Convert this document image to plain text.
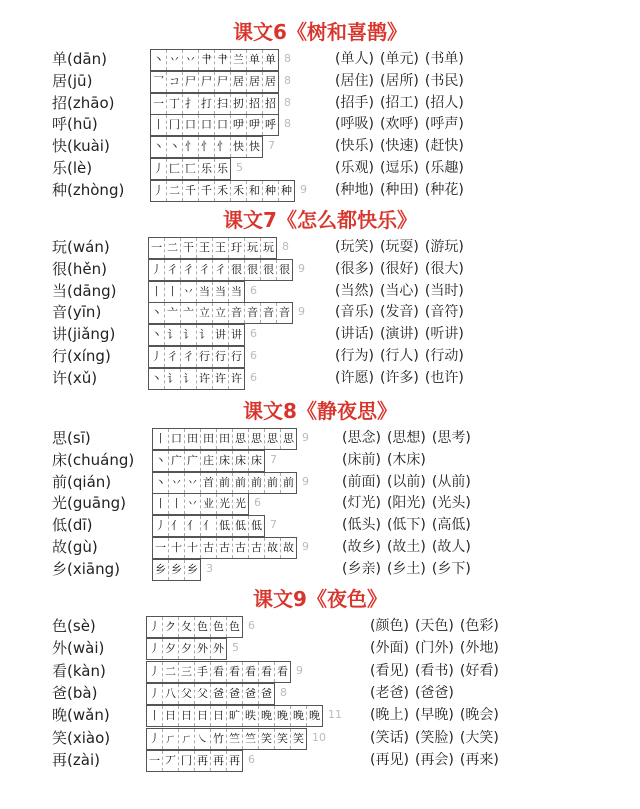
课文6《树和喜鹊》
单(dān)	丶 丷 丷 肀 肀 兰 单 单 8	(单人) (单元) (书单)
居(jū)	乛 コ 尸 尸 尸 居 居 居 8	(居住) (居所) (书民)
招(zhāo)	一 丁 扌 打 扫 扨 招 招 8	(招手) (招工) (招人)
呼(hū)	丨 冂 口 口 口 吚 吚 呼 8	(呼吸) (欢呼) (呼声)
快(kuài)	丶 丶 忄 忄 忄 快 快 7	(快乐) (快速) (赶快)
乐(lè)	丿 匚 匸 乐 乐 5	(乐观) (逗乐) (乐趣)
种(zhòng)	丿 二 千 千 禾 禾 和 种 种 9 (种地) (种田) (种花)
课文7《怎么都快乐》
玩(wán)	一 二 干 王 王 玗 玩 玩 8	(玩笑) (玩耍) (游玩)
很(hěn)	丿 彳 彳 彳 彳 很 很 很 很 9 (很多) (很好) (很大)
当(dāng)	丨 丨 丷 当 当 当 6	(当然) (当心) (当时)
音(yīn)	丶 亠 亠 立 立 音 音 音 音 9 (音乐) (发音) (音符)
讲(jiǎng)	丶 讠 讠 讠 讲 讲 6	(讲话) (演讲) (听讲)
行(xíng)	丿 彳 彳 行 行 行 6	(行为) (行人) (行动)
许(xǔ)	丶 讠 讠 许 许 许 6	(许愿) (许多) (也许)
课文8《静夜思》
思(sī)	丨 口 田 田 田 思 思 思 思 9 (思念) (思想) (思考)
床(chuáng) 丶 广 广 庄 床 床 床 7	(床前) (木床)
前(qián)	丶 丷 丷 首 前 前 前 前 前 9 (前面) (以前) (从前)
光(guāng)	丨 丨 丷 业 光 光 6	(灯光) (阳光) (光头)
低(dī)	丿 亻 亻 亻 低 低 低 7	(低头) (低下) (高低)
故(gù)	一 十 十 古 古 古 古 故 故 9 (故乡) (故土) (故人)
乡(xiāng)	乡 乡 乡 3	(乡亲) (乡土) (乡下)
课文9《夜色》
色(sè)	丿 ク 夂 色 色 色 6	(颜色) (天色) (色彩)
外(wài)	丿 夕 夕 外 外 5	(外面) (门外) (外地)
看(kàn)	丿 二 三 手 看 看 看 看 看 9	(看见) (看书) (好看)
爸(bà)	丿 八 父 父 爸 爸 爸 爸 8	(老爸) (爸爸)
晚(wǎn)	丨 日 日 日 日 旷 昳 晚 晚 晚 晚 11 (晚上) (早晚) (晚会)
笑(xiào)	丿 ㄏ ㄏ ㇏ 竹 竺 竺 笑 笑 笑 10	(笑话) (笑脸) (大笑)
再(zài)	一 丆 冂 再 再 再 6	(再见) (再会) (再来)
